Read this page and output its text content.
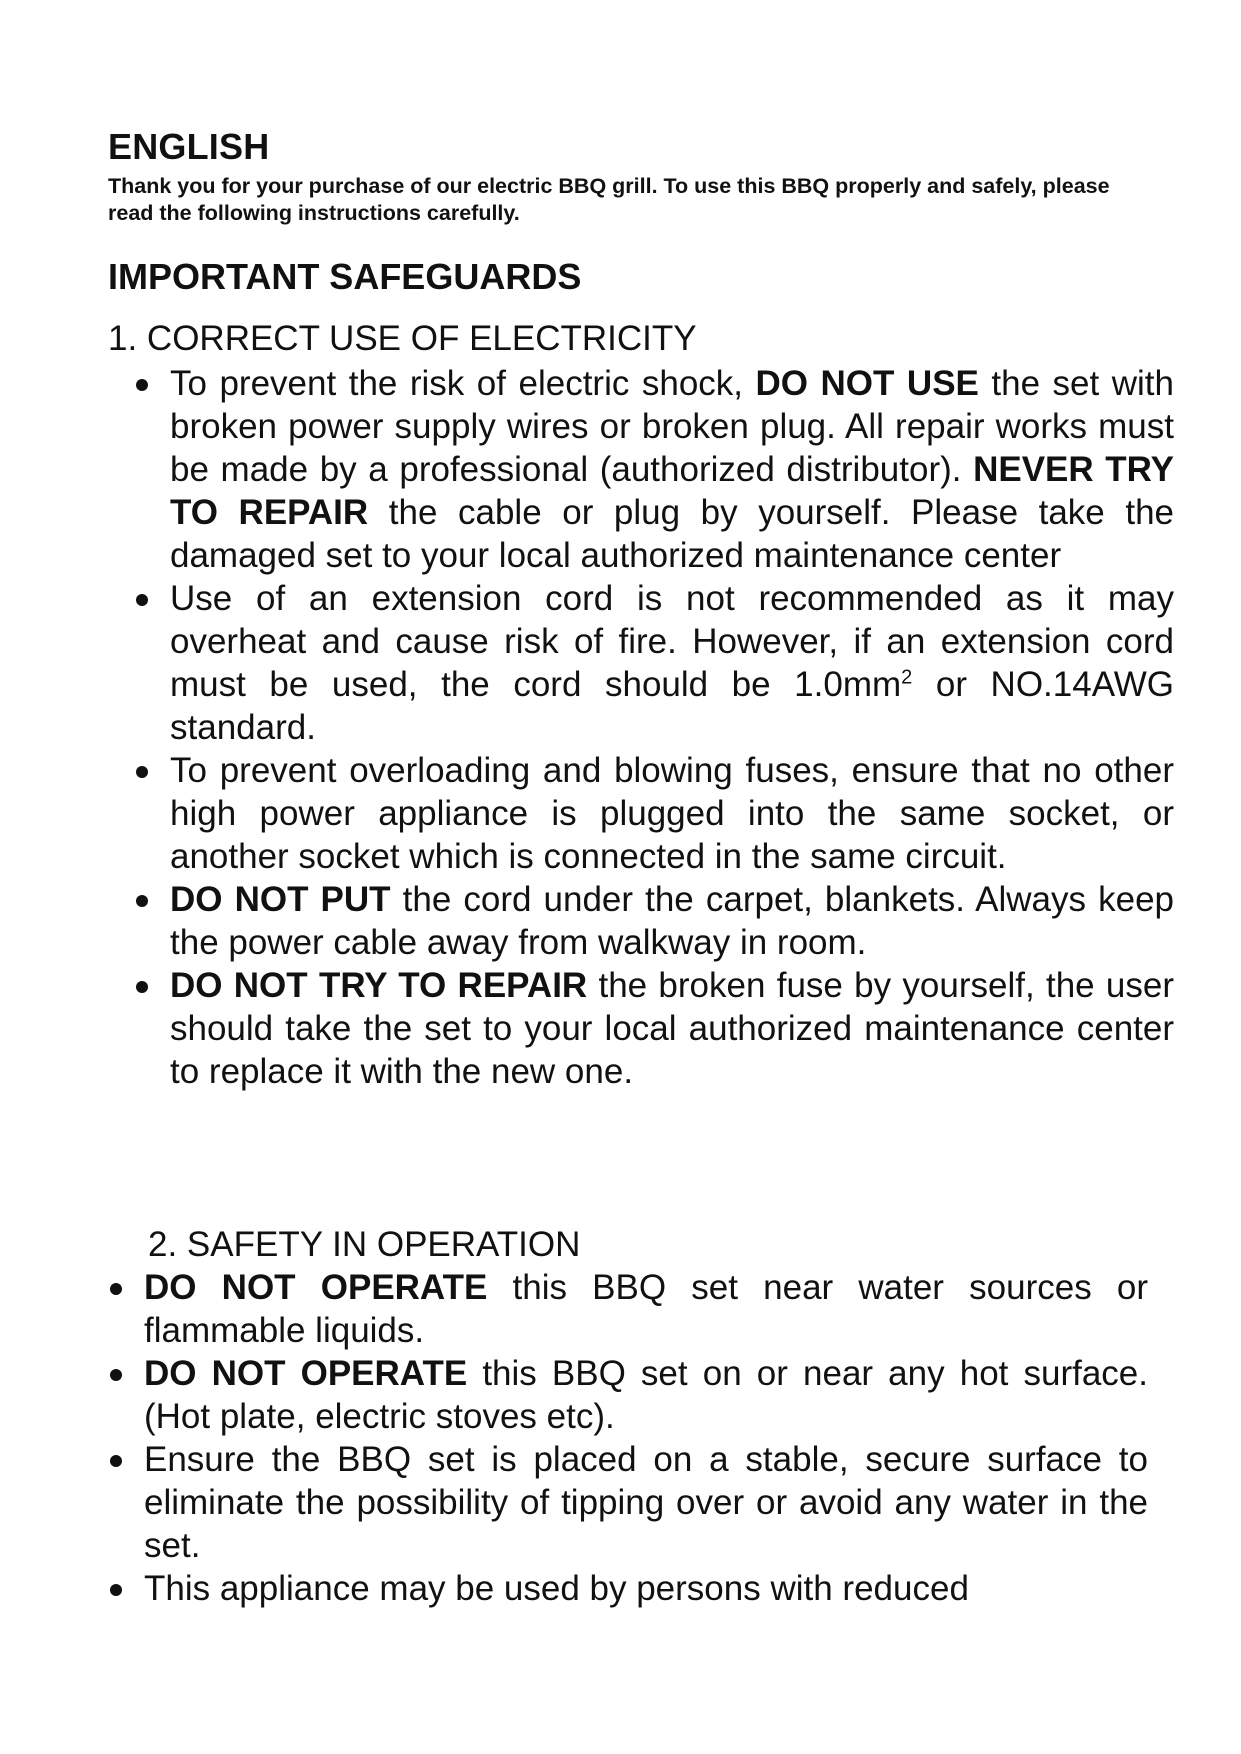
ENGLISH
Thank you for your purchase of our electric BBQ grill. To use this BBQ properly and safely, please read the following instructions carefully.
IMPORTANT SAFEGUARDS
1. CORRECT USE OF ELECTRICITY
To prevent the risk of electric shock, DO NOT USE the set with broken power supply wires or broken plug. All repair works must be made by a professional (authorized distributor). NEVER TRY TO REPAIR the cable or plug by yourself. Please take the damaged set to your local authorized maintenance center
Use of an extension cord is not recommended as it may overheat and cause risk of fire. However, if an extension cord must be used, the cord should be $1.0mm^2$ or NO.14AWG standard.
To prevent overloading and blowing fuses, ensure that no other high power appliance is plugged into the same socket, or another socket which is connected in the same circuit.
DO NOT PUT the cord under the carpet, blankets. Always keep the power cable away from walkway in room.
DO NOT TRY TO REPAIR the broken fuse by yourself, the user should take the set to your local authorized maintenance center to replace it with the new one.
2. SAFETY IN OPERATION
DO NOT OPERATE this BBQ set near water sources or flammable liquids.
DO NOT OPERATE this BBQ set on or near any hot surface. (Hot plate, electric stoves etc).
Ensure the BBQ set is placed on a stable, secure surface to eliminate the possibility of tipping over or avoid any water in the set.
This appliance may be used by persons with reduced
